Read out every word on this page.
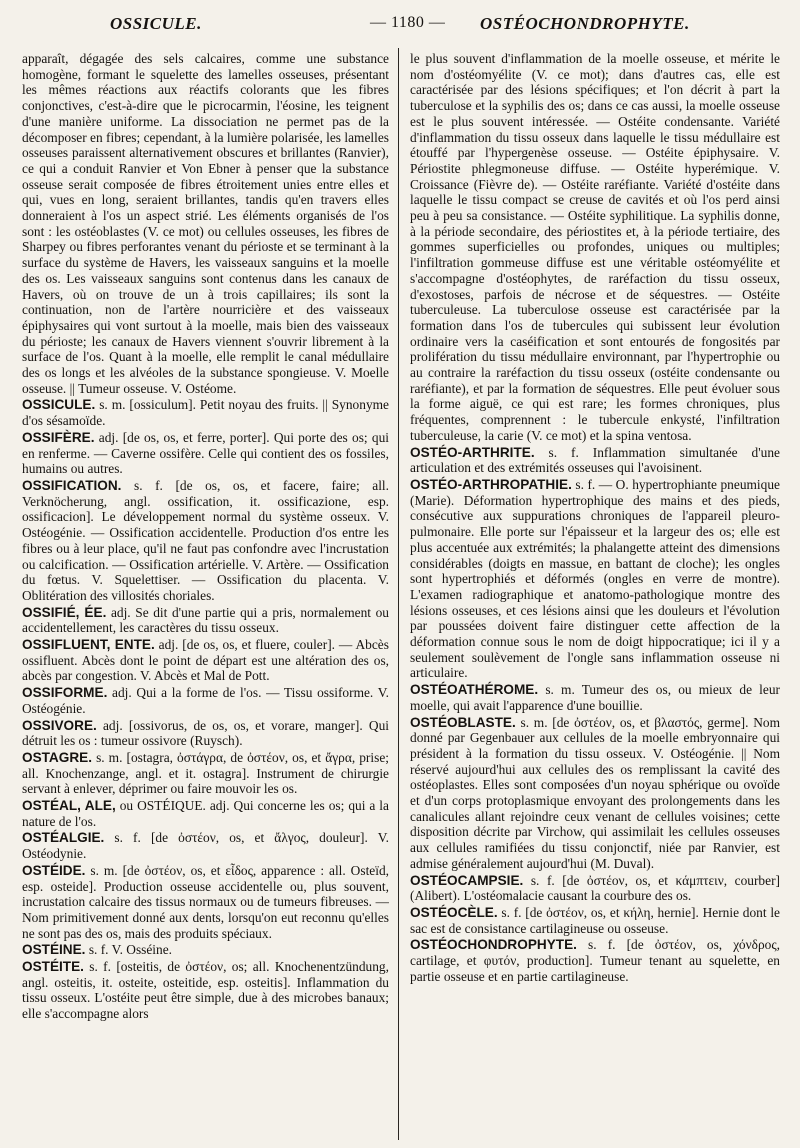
OSSICULE.	— 1180 — OSTÉOCHONDROPHYTE.

apparaît, dégagée des sels calcaires, comme une substance homogène, formant le squelette des lamelles osseuses, présentant les mêmes réactions aux réactifs colorants que les fibres conjonctives, c'est-à-dire que le picrocarmin, l'éosine, les teignent d'une manière uniforme. La dissociation ne permet pas de la décomposer en fibres; cependant, à la lumière polarisée, les lamelles osseuses paraissent alternativement obscures et brillantes (Ranvier), ce qui a conduit Ranvier et Von Ebner à penser que la substance osseuse serait composée de fibres étroitement unies entre elles et qui, vues en long, seraient brillantes, tandis qu'en travers elles donneraient à l'os un aspect strié. Les éléments organisés de l'os sont : les ostéoblastes (V. ce mot) ou cellules osseuses, les fibres de Sharpey ou fibres perforantes venant du périoste et se terminant à la surface du système de Havers, les vaisseaux sanguins et la moelle des os. Les vaisseaux sanguins sont contenus dans les canaux de Havers, où on trouve de un à trois capillaires; ils sont la continuation, non de l'artère nourricière et des vaisseaux épiphysaires qui vont surtout à la moelle, mais bien des vaisseaux du périoste; les canaux de Havers viennent s'ouvrir librement à la surface de l'os. Quant à la moelle, elle remplit le canal médullaire des os longs et les alvéoles de la substance spongieuse. V. Moelle osseuse. || Tumeur osseuse. V. Ostéome.

OSSICULE. s. m. [ossiculum]. Petit noyau des fruits. || Synonyme d'os sésamoïde.

OSSIFÈRE. adj. [de os, os, et ferre, porter]. Qui porte des os; qui en renferme. — Caverne ossifère. Celle qui contient des os fossiles, humains ou autres.

OSSIFICATION. s. f. [de os, os, et facere, faire; all. Verknöcherung, angl. ossification, it. ossificazione, esp. ossificacion]. Le développement normal du système osseux. V. Ostéogénie. — Ossification accidentelle. Production d'os entre les fibres ou à leur place, qu'il ne faut pas confondre avec l'incrustation ou calcification. — Ossification artérielle. V. Artère. — Ossification du fœtus. V. Squelettiser. — Ossification du placenta. V. Oblitération des villosités choriales.

OSSIFIÉ, ÉE. adj. Se dit d'une partie qui a pris, normalement ou accidentellement, les caractères du tissu osseux.

OSSIFLUENT, ENTE. adj. [de os, os, et fluere, couler]. — Abcès ossifluent. Abcès dont le point de départ est une altération des os, abcès par congestion. V. Abcès et Mal de Pott.

OSSIFORME. adj. Qui a la forme de l'os. — Tissu ossiforme. V. Ostéogénie.

OSSIVORE. adj. [ossivorus, de os, os, et vorare, manger]. Qui détruit les os : tumeur ossivore (Ruysch).

OSTAGRE. s. m. [ostagra, ὀστάγρα, de ὀστέον, os, et ἄγρα, prise; all. Knochenzange, angl. et it. ostagra]. Instrument de chirurgie servant à enlever, déprimer ou faire mouvoir les os.

OSTÉAL, ALE, ou OSTÉIQUE. adj. Qui concerne les os; qui a la nature de l'os.

OSTÉALGIE. s. f. [de ὀστέον, os, et ἄλγος, douleur]. V. Ostéodynie.

OSTÉIDE. s. m. [de ὀστέον, os, et εἶδος, apparence : all. Osteïd, esp. osteide]. Production osseuse accidentelle ou, plus souvent, incrustation calcaire des tissus normaux ou de tumeurs fibreuses. — Nom primitivement donné aux dents, lorsqu'on eut reconnu qu'elles ne sont pas des os, mais des produits spéciaux.

OSTÉINE. s. f. V. Osséine.

OSTÉITE. s. f. [osteitis, de ὀστέον, os; all. Knochenentzündung, angl. osteitis, it. osteite, osteitide, esp. osteitis]. Inflammation du tissu osseux. L'ostéite peut être simple, due à des microbes banaux; elle s'accompagne alors

le plus souvent d'inflammation de la moelle osseuse, et mérite le nom d'ostéomyélite (V. ce mot); dans d'autres cas, elle est caractérisée par des lésions spécifiques; et l'on décrit à part la tuberculose et la syphilis des os; dans ce cas aussi, la moelle osseuse est le plus souvent intéressée. — Ostéite condensante. Variété d'inflammation du tissu osseux dans laquelle le tissu médullaire est étouffé par l'hypergenèse osseuse. — Ostéite épiphysaire. V. Périostite phlegmoneuse diffuse. — Ostéite hyperémique. V. Croissance (Fièvre de). — Ostéite raréfiante. Variété d'ostéite dans laquelle le tissu compact se creuse de cavités et où l'os perd ainsi peu à peu sa consistance. — Ostéite syphilitique. La syphilis donne, à la période secondaire, des périostites et, à la période tertiaire, des gommes superficielles ou profondes, uniques ou multiples; l'infiltration gommeuse diffuse est une véritable ostéomyélite et s'accompagne d'ostéophytes, de raréfaction du tissu osseux, d'exostoses, parfois de nécrose et de séquestres. — Ostéite tuberculeuse. La tuberculose osseuse est caractérisée par la formation dans l'os de tubercules qui subissent leur évolution ordinaire vers la caséification et sont entourés de fongosités par prolifération du tissu médullaire environnant, par l'hypertrophie ou au contraire la raréfaction du tissu osseux (ostéite condensante ou raréfiante), et par la formation de séquestres. Elle peut évoluer sous la forme aiguë, ce qui est rare; les formes chroniques, plus fréquentes, comprennent : le tubercule enkysté, l'infiltration tuberculeuse, la carie (V. ce mot) et la spina ventosa.

OSTÉO-ARTHRITE. s. f. Inflammation simultanée d'une articulation et des extrémités osseuses qui l'avoisinent.

OSTÉO-ARTHROPATHIE. s. f. — O. hypertrophiante pneumique (Marie). Déformation hypertrophique des mains et des pieds, consécutive aux suppurations chroniques de l'appareil pleuro-pulmonaire. Elle porte sur l'épaisseur et la largeur des os; elle est plus accentuée aux extrémités; la phalangette atteint des dimensions considérables (doigts en massue, en battant de cloche); les ongles sont hypertrophiés et déformés (ongles en verre de montre). L'examen radiographique et anatomo-pathologique montre des lésions osseuses, et ces lésions ainsi que les douleurs et l'évolution par poussées doivent faire distinguer cette affection de la déformation connue sous le nom de doigt hippocratique; ici il y a seulement soulèvement de l'ongle sans inflammation osseuse ni articulaire.

OSTÉOATHÉROME. s. m. Tumeur des os, ou mieux de leur moelle, qui avait l'apparence d'une bouillie.

OSTÉOBLASTE. s. m. [de ὀστέον, os, et βλαστός, germe]. Nom donné par Gegenbauer aux cellules de la moelle embryonnaire qui président à la formation du tissu osseux. V. Ostéogénie. || Nom réservé aujourd'hui aux cellules des os remplissant la cavité des ostéoplastes. Elles sont composées d'un noyau sphérique ou ovoïde et d'un corps protoplasmique envoyant des prolongements dans les canalicules allant rejoindre ceux venant de cellules voisines; cette disposition décrite par Virchow, qui assimilait les cellules osseuses aux cellules ramifiées du tissu conjonctif, niée par Ranvier, est admise généralement aujourd'hui (M. Duval).

OSTÉOCAMPSIE. s. f. [de ὀστέον, os, et κάμπτειν, courber] (Alibert). L'ostéomalacie causant la courbure des os.

OSTÉOCÈLE. s. f. [de ὀστέον, os, et κήλη, hernie]. Hernie dont le sac est de consistance cartilagineuse ou osseuse.

OSTÉOCHONDROPHYTE. s. f. [de ὀστέον, os, χόνδρος, cartilage, et φυτόν, production]. Tumeur tenant au squelette, en partie osseuse et en partie cartilagineuse.
